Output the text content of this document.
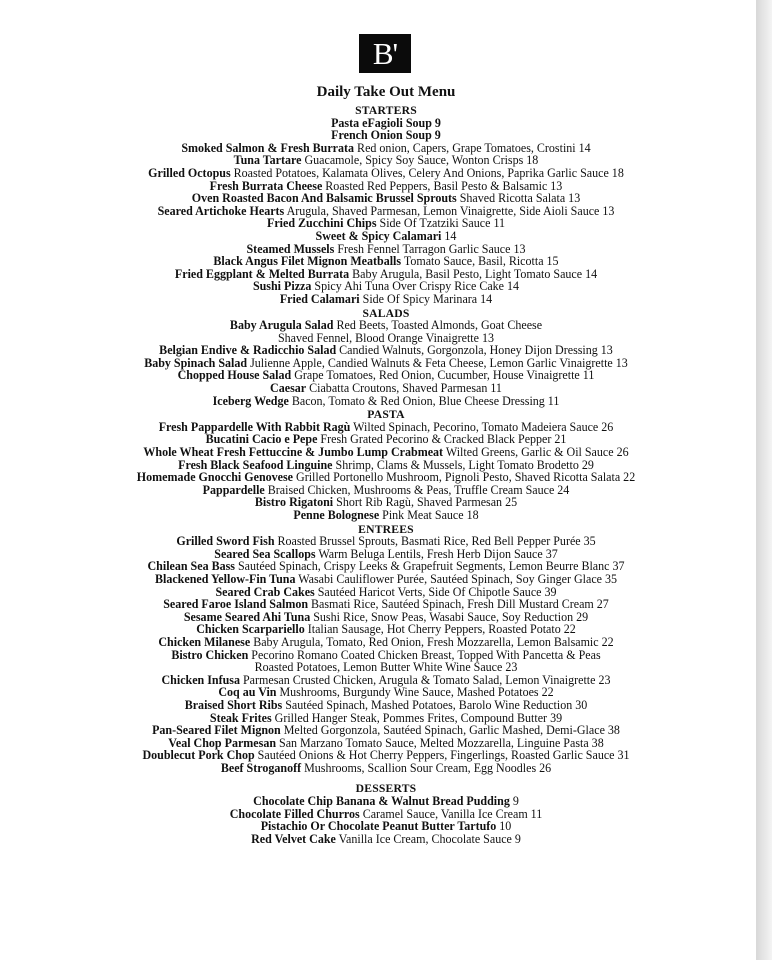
B'
Daily Take Out Menu
STARTERS
Pasta eFagioli Soup 9
French Onion Soup 9
Smoked Salmon & Fresh Burrata Red onion, Capers, Grape Tomatoes, Crostini 14
Tuna Tartare Guacamole, Spicy Soy Sauce, Wonton Crisps 18
Grilled Octopus Roasted Potatoes, Kalamata Olives, Celery And Onions, Paprika Garlic Sauce 18
Fresh Burrata Cheese Roasted Red Peppers, Basil Pesto & Balsamic 13
Oven Roasted Bacon And Balsamic Brussel Sprouts Shaved Ricotta Salata 13
Seared Artichoke Hearts Arugula, Shaved Parmesan, Lemon Vinaigrette, Side Aioli Sauce 13
Fried Zucchini Chips Side Of Tzatziki Sauce 11
Sweet & Spicy Calamari 14
Steamed Mussels Fresh Fennel Tarragon Garlic Sauce 13
Black Angus Filet Mignon Meatballs Tomato Sauce, Basil, Ricotta 15
Fried Eggplant & Melted Burrata Baby Arugula, Basil Pesto, Light Tomato Sauce 14
Sushi Pizza Spicy Ahi Tuna Over Crispy Rice Cake 14
Fried Calamari Side Of Spicy Marinara 14
SALADS
Baby Arugula Salad Red Beets, Toasted Almonds, Goat Cheese
Shaved Fennel, Blood Orange Vinaigrette 13
Belgian Endive & Radicchio Salad Candied Walnuts, Gorgonzola, Honey Dijon Dressing 13
Baby Spinach Salad Julienne Apple, Candied Walnuts & Feta Cheese, Lemon Garlic Vinaigrette 13
Chopped House Salad Grape Tomatoes, Red Onion, Cucumber, House Vinaigrette 11
Caesar Ciabatta Croutons, Shaved Parmesan 11
Iceberg Wedge Bacon, Tomato & Red Onion, Blue Cheese Dressing 11
PASTA
Fresh Pappardelle With Rabbit Ragù Wilted Spinach, Pecorino, Tomato Madeiera Sauce 26
Bucatini Cacio e Pepe Fresh Grated Pecorino & Cracked Black Pepper 21
Whole Wheat Fresh Fettuccine & Jumbo Lump Crabmeat Wilted Greens, Garlic & Oil Sauce 26
Fresh Black Seafood Linguine Shrimp, Clams & Mussels, Light Tomato Brodetto 29
Homemade Gnocchi Genovese Grilled Portonello Mushroom, Pignoli Pesto, Shaved Ricotta Salata 22
Pappardelle Braised Chicken, Mushrooms & Peas, Truffle Cream Sauce 24
Bistro Rigatoni Short Rib Ragù, Shaved Parmesan 25
Penne Bolognese Pink Meat Sauce 18
ENTREES
Grilled Sword Fish Roasted Brussel Sprouts, Basmati Rice, Red Bell Pepper Purée 35
Seared Sea Scallops Warm Beluga Lentils, Fresh Herb Dijon Sauce 37
Chilean Sea Bass Sautéed Spinach, Crispy Leeks & Grapefruit Segments, Lemon Beurre Blanc 37
Blackened Yellow-Fin Tuna Wasabi Cauliflower Purée, Sautéed Spinach, Soy Ginger Glace 35
Seared Crab Cakes Sautéed Haricot Verts, Side Of Chipotle Sauce 39
Seared Faroe Island Salmon Basmati Rice, Sautéed Spinach, Fresh Dill Mustard Cream 27
Sesame Seared Ahi Tuna Sushi Rice, Snow Peas, Wasabi Sauce, Soy Reduction 29
Chicken Scarpariello Italian Sausage, Hot Cherry Peppers, Roasted Potato 22
Chicken Milanese Baby Arugula, Tomato, Red Onion, Fresh Mozzarella, Lemon Balsamic 22
Bistro Chicken Pecorino Romano Coated Chicken Breast, Topped With Pancetta & Peas
Roasted Potatoes, Lemon Butter White Wine Sauce 23
Chicken Infusa Parmesan Crusted Chicken, Arugula & Tomato Salad, Lemon Vinaigrette 23
Coq au Vin Mushrooms, Burgundy Wine Sauce, Mashed Potatoes 22
Braised Short Ribs Sautéed Spinach, Mashed Potatoes, Barolo Wine Reduction 30
Steak Frites Grilled Hanger Steak, Pommes Frites, Compound Butter 39
Pan-Seared Filet Mignon Melted Gorgonzola, Sautéed Spinach, Garlic Mashed, Demi-Glace 38
Veal Chop Parmesan San Marzano Tomato Sauce, Melted Mozzarella, Linguine Pasta 38
Doublecut Pork Chop Sautéed Onions & Hot Cherry Peppers, Fingerlings, Roasted Garlic Sauce 31
Beef Stroganoff Mushrooms, Scallion Sour Cream, Egg Noodles 26
DESSERTS
Chocolate Chip Banana & Walnut Bread Pudding 9
Chocolate Filled Churros Caramel Sauce, Vanilla Ice Cream 11
Pistachio Or Chocolate Peanut Butter Tartufo 10
Red Velvet Cake Vanilla Ice Cream, Chocolate Sauce 9
